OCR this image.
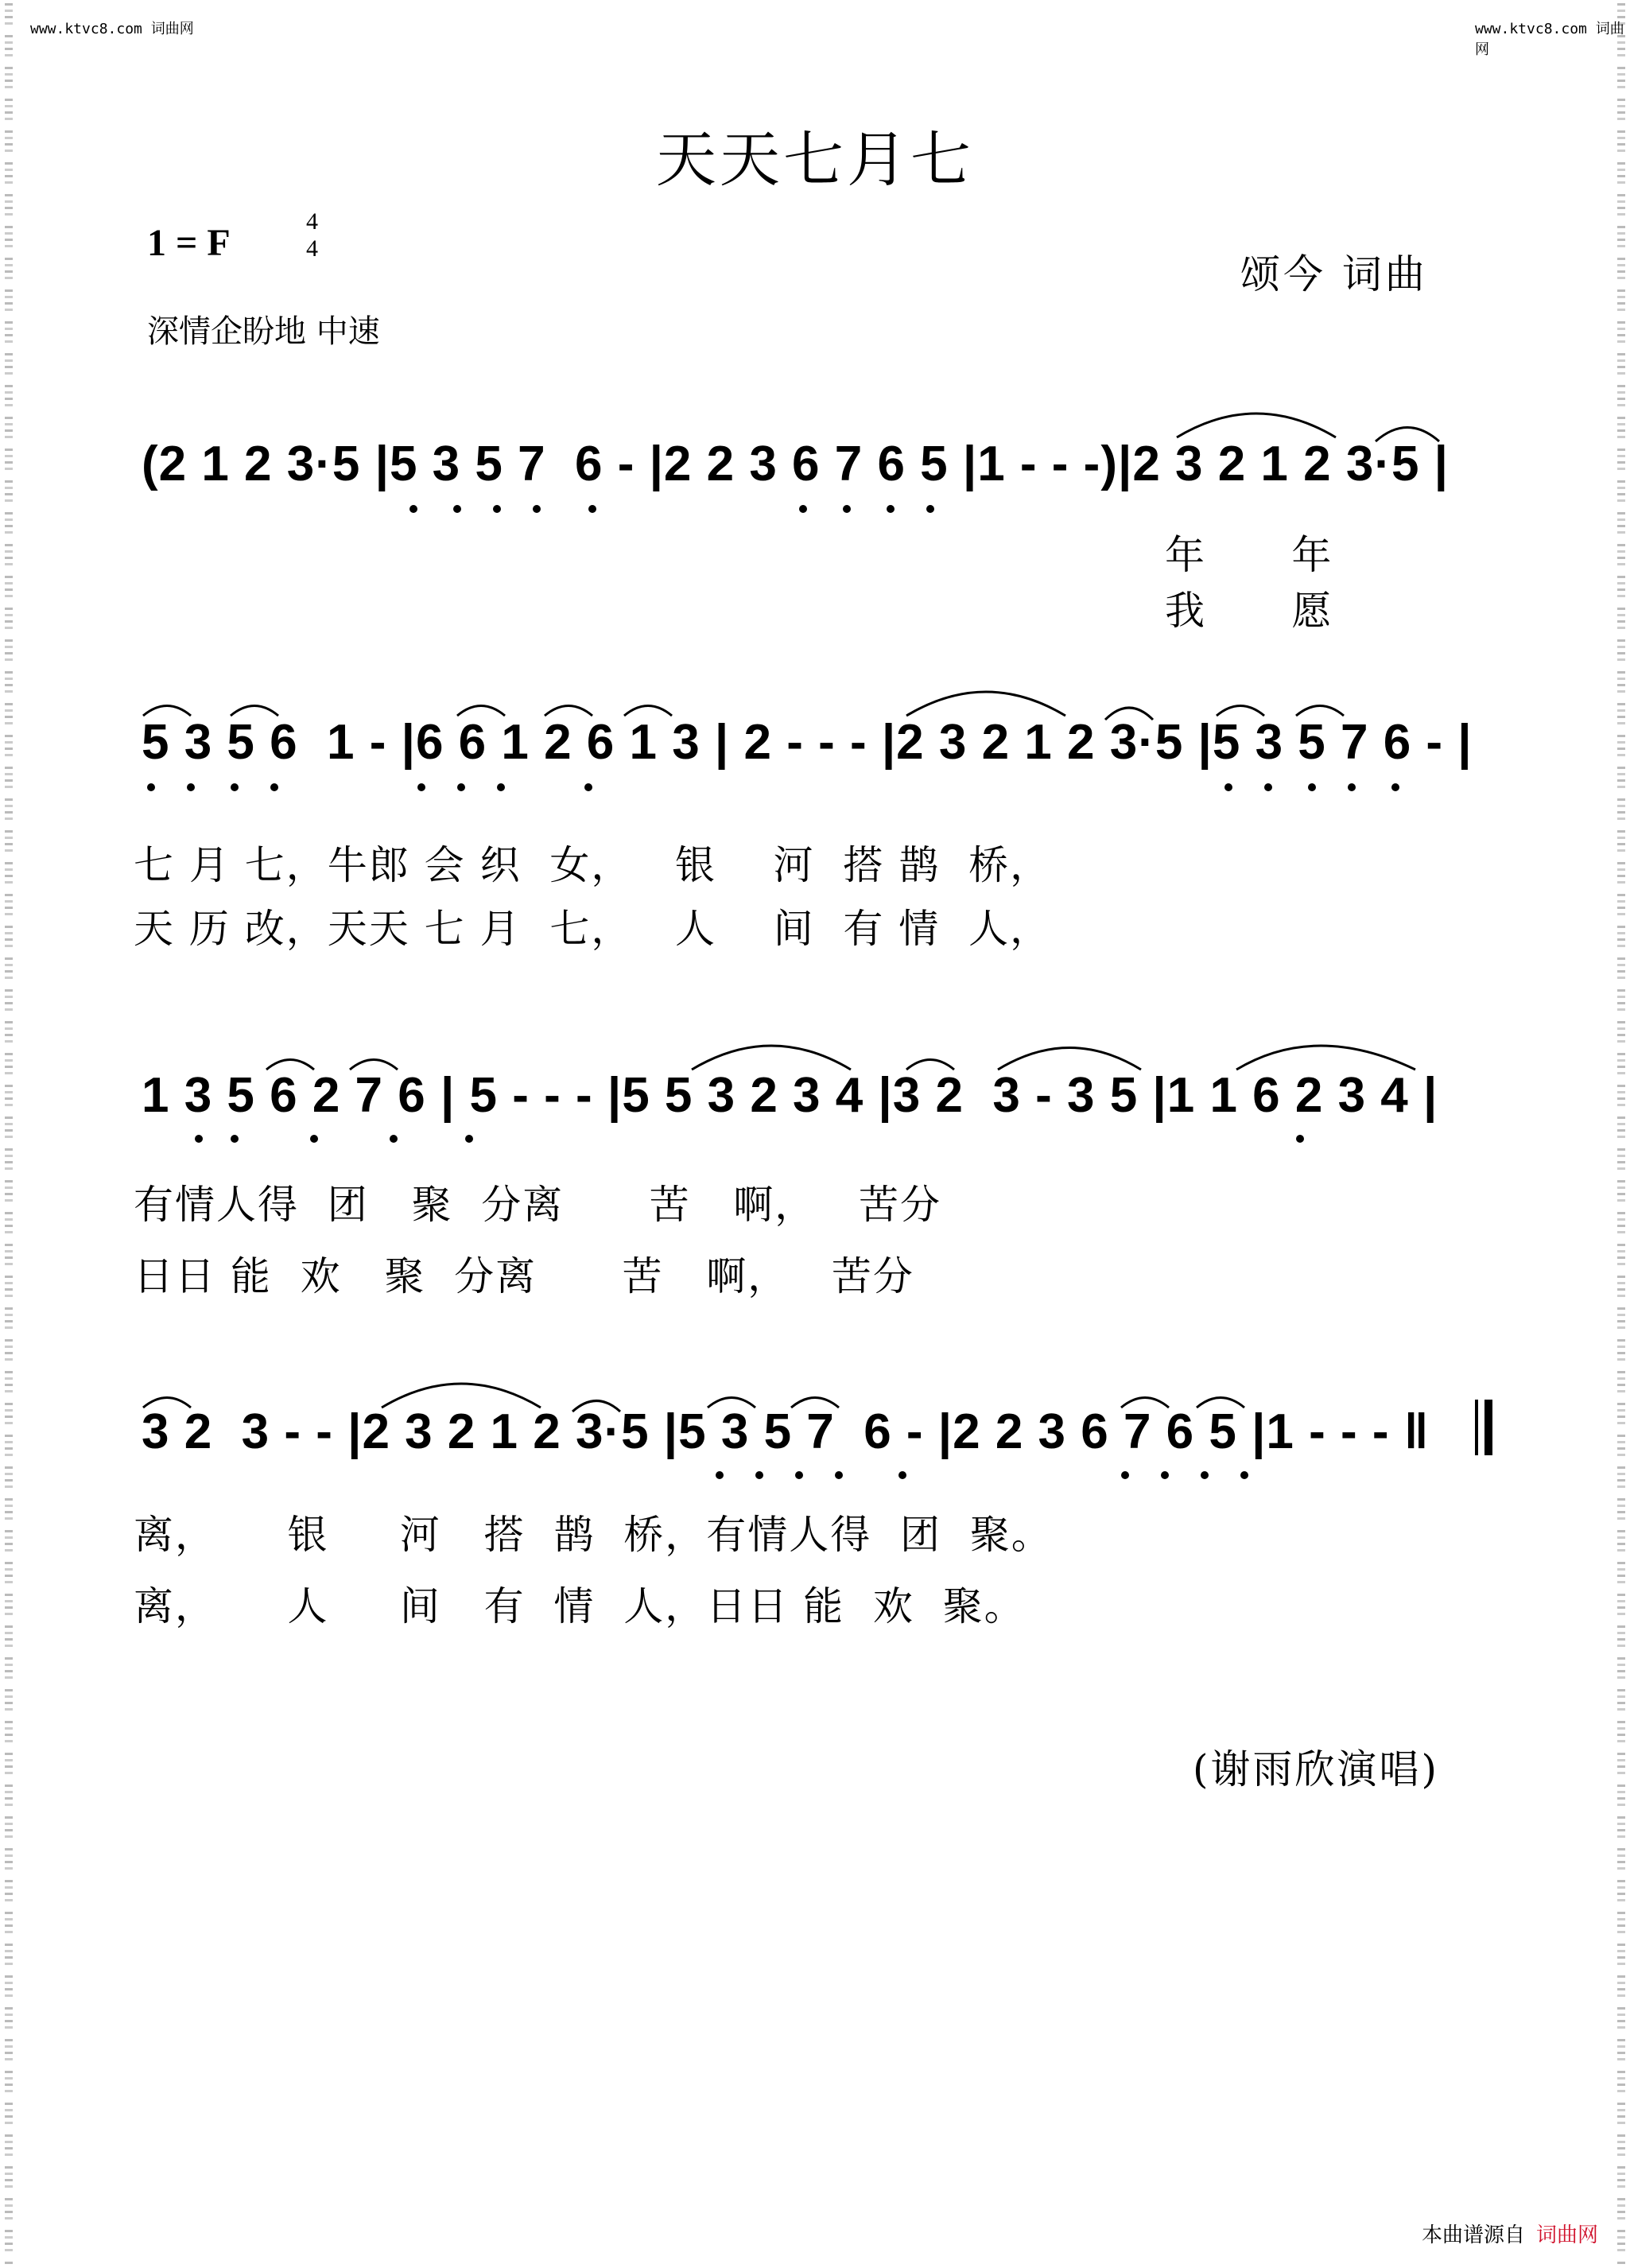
www.ktvc8.com 词曲网	www.ktvc8.com 词曲网
天天七月七
1 = F
4
4
颂今 词曲
深情企盼地 中速
(2 1 2 3·5 |5 3 5 7  6 - |2 2 3 6 7 6 5 |1 - - -)|2 3 2 1 2 3·5 |
年      年
我      愿
5 3 5 6  1 - |6 6 1 2 6 1 3 | 2 - - - |2 3 2 1 2 3·5 |5 3 5 7 6 - |
七 月 七，牛郎 会 织  女，   银    河  搭 鹊  桥，
天 历 改，天天 七 月  七，   人    间  有 情  人，
1 3 5 6 2 7 6 | 5 - - - |5 5 3 2 3 4 |3 2  3 - 3 5 |1 1 6 2 3 4 |
有情人得  团   聚  分离      苦   啊，   苦分
日日 能  欢   聚  分离      苦   啊，   苦分
3 2  3 - - |2 3 2 1 2 3·5 |5 3 5 7  6 - |2 2 3 6 7 6 5 |1 - - - ‖
离，     银     河   搭  鹊  桥，有情人得  团  聚。
离，     人     间   有  情  人，日日 能  欢  聚。
(谢雨欣演唱)
本曲谱源自 词曲网
